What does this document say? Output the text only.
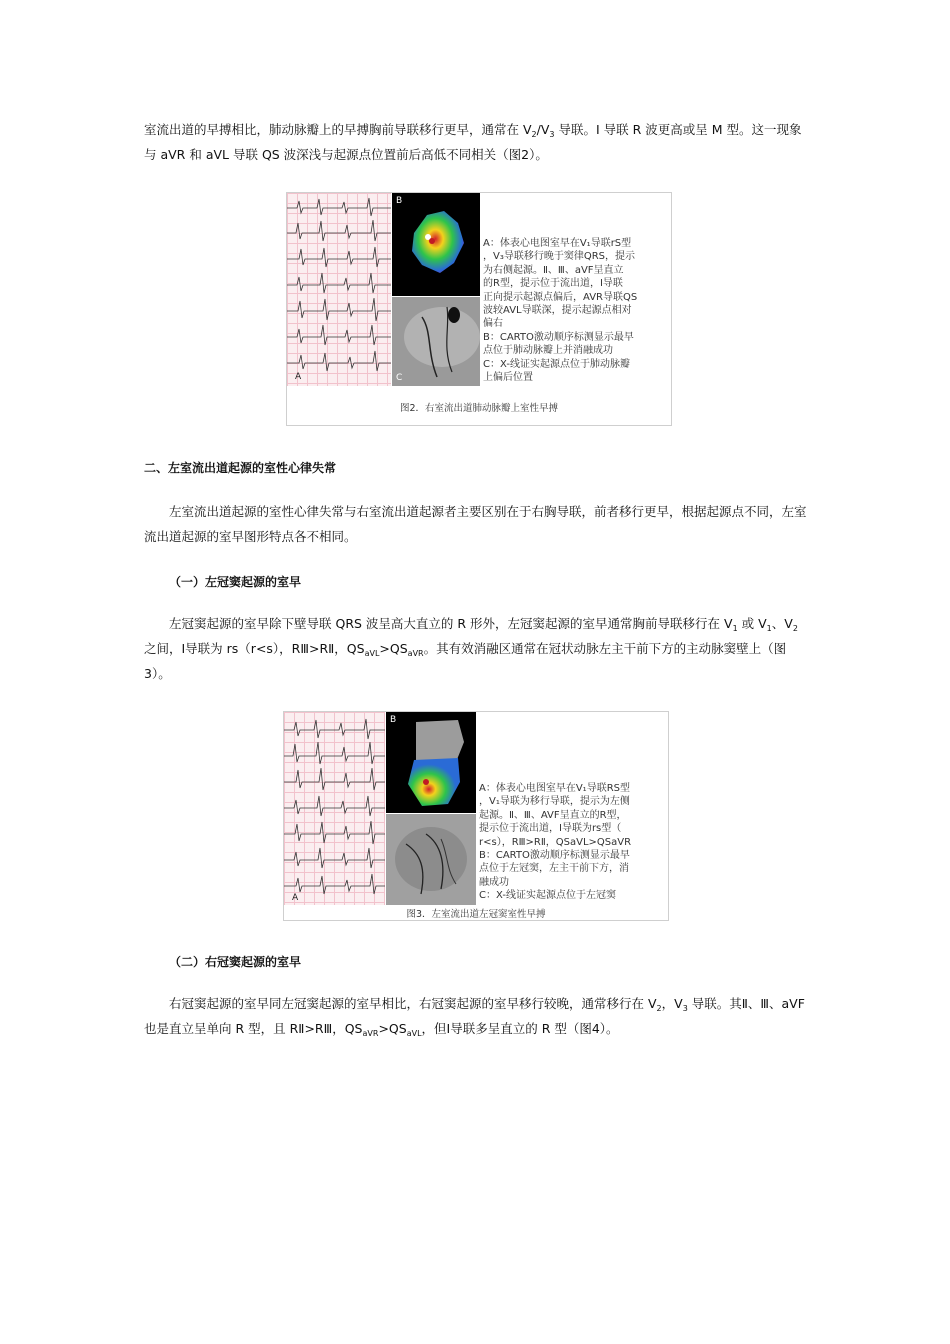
室流出道的早搏相比，肺动脉瓣上的早搏胸前导联移行更早，通常在 $V_2/V_3$ 导联。I 导联 R 波更高或呈 M 型。这一现象
与 aVR 和 aVL 导联 QS 波深浅与起源点位置前后高低不同相关（图2）。

A
B
C
A：体表心电图室早在V₁导联rS型
，V₃导联移行晚于窦律QRS，提示
为右侧起源。Ⅱ、Ⅲ、aVF呈直立
的R型，提示位于流出道，Ⅰ导联
正向提示起源点偏后，AVR导联QS
波较AVL导联深，提示起源点相对
偏右
B：CARTO激动顺序标测显示最早
点位于肺动脉瓣上并消融成功
C：X-线证实起源点位于肺动脉瓣
上偏后位置
图2．右室流出道肺动脉瓣上室性早搏

二、左室流出道起源的室性心律失常

左室流出道起源的室性心律失常与右室流出道起源者主要区别在于右胸导联，前者移行更早，根据起源点不同，左室流出道起源的室早图形特点各不相同。

（一）左冠窦起源的室早

左冠窦起源的室早除下壁导联 QRS 波呈高大直立的 R 形外，左冠窦起源的室早通常胸前导联移行在 $V_1$ 或 $V_1$、$V_2$
之间，Ⅰ导联为 rs（r<s），RⅢ>RⅡ，$QS_{aVL}>QS_{aVR}$。其有效消融区通常在冠状动脉左主干前下方的主动脉窦壁上（图
3）。

A
B
A：体表心电图室早在V₁导联RS型
，V₁导联为移行导联，提示为左侧
起源。Ⅱ、Ⅲ、AVF呈直立的R型，
提示位于流出道，Ⅰ导联为rs型（
r<s），RⅢ>RⅡ，QSaVL>QSaVR
B：CARTO激动顺序标测显示最早
点位于左冠窦，左主干前下方，消
融成功
C：X-线证实起源点位于左冠窦
图3．左室流出道左冠窦室性早搏

（二）右冠窦起源的室早

右冠窦起源的室早同左冠窦起源的室早相比，右冠窦起源的室早移行较晚，通常移行在 $V_2$，$V_3$ 导联。其Ⅱ、Ⅲ、aVF
也是直立呈单向 R 型，且 RⅡ>RⅢ，$QS_{aVR}>QS_{aVL}$，但Ⅰ导联多呈直立的 R 型（图4）。
